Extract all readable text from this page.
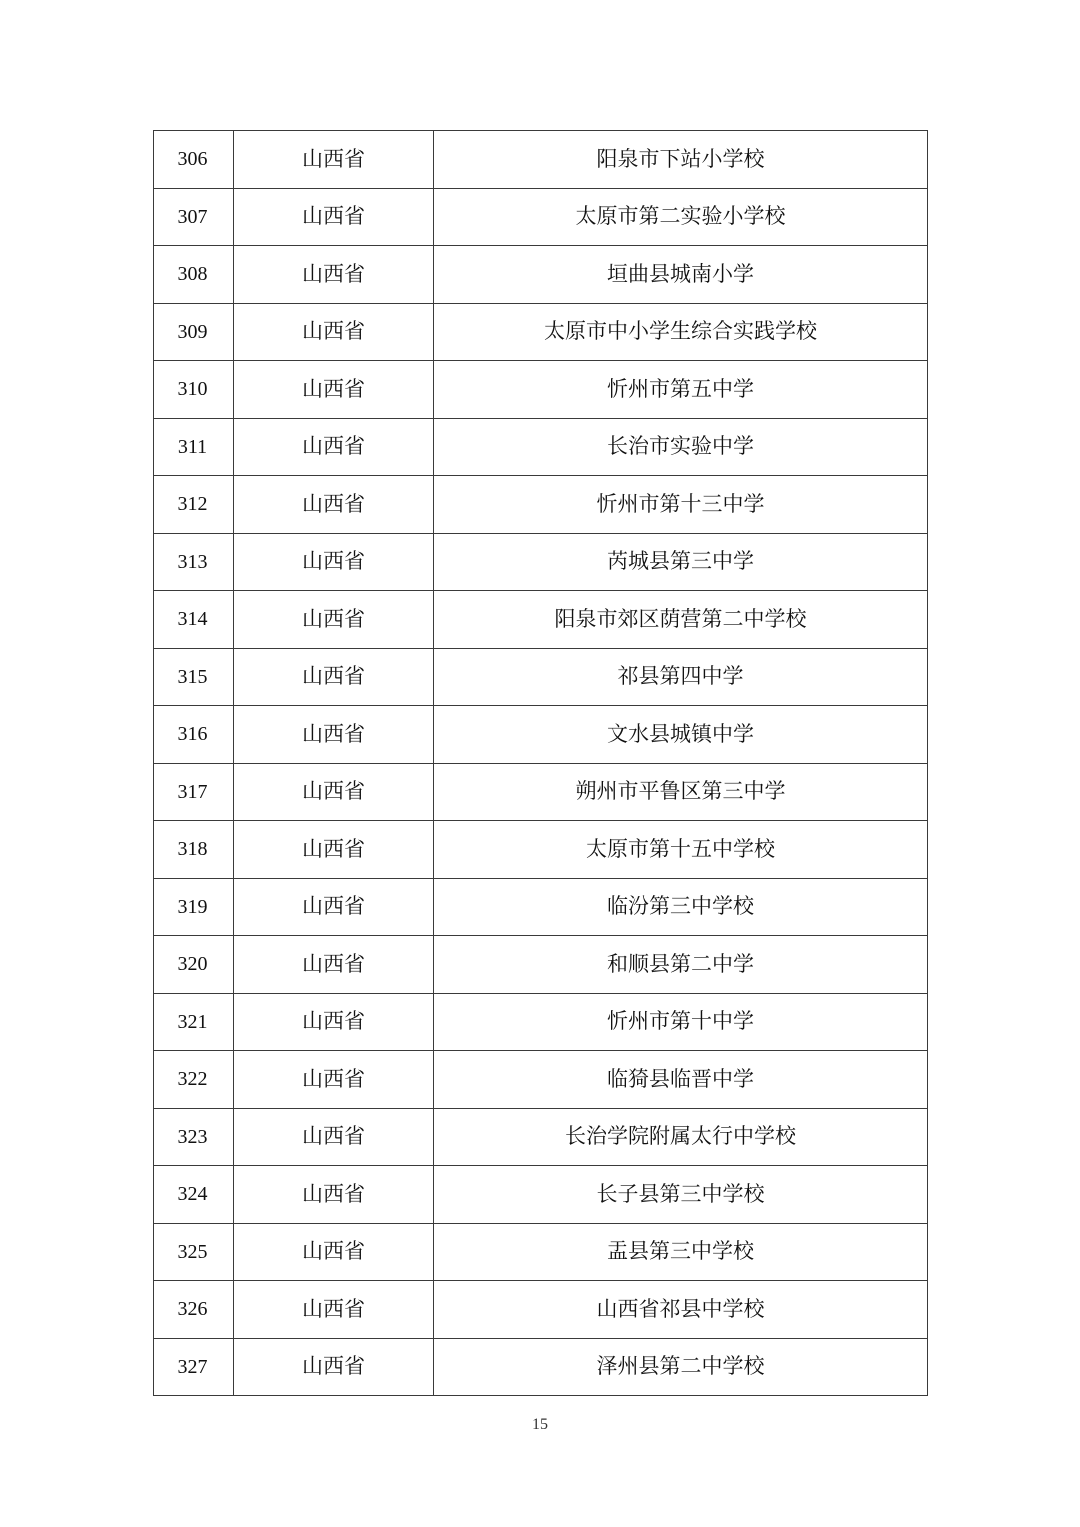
306	山西省	阳泉市下站小学校
307	山西省	太原市第二实验小学校
308	山西省	垣曲县城南小学
309	山西省	太原市中小学生综合实践学校
310	山西省	忻州市第五中学
311	山西省	长治市实验中学
312	山西省	忻州市第十三中学
313	山西省	芮城县第三中学
314	山西省	阳泉市郊区荫营第二中学校
315	山西省	祁县第四中学
316	山西省	文水县城镇中学
317	山西省	朔州市平鲁区第三中学
318	山西省	太原市第十五中学校
319	山西省	临汾第三中学校
320	山西省	和顺县第二中学
321	山西省	忻州市第十中学
322	山西省	临猗县临晋中学
323	山西省	长治学院附属太行中学校
324	山西省	长子县第三中学校
325	山西省	盂县第三中学校
326	山西省	山西省祁县中学校
327	山西省	泽州县第二中学校
15
